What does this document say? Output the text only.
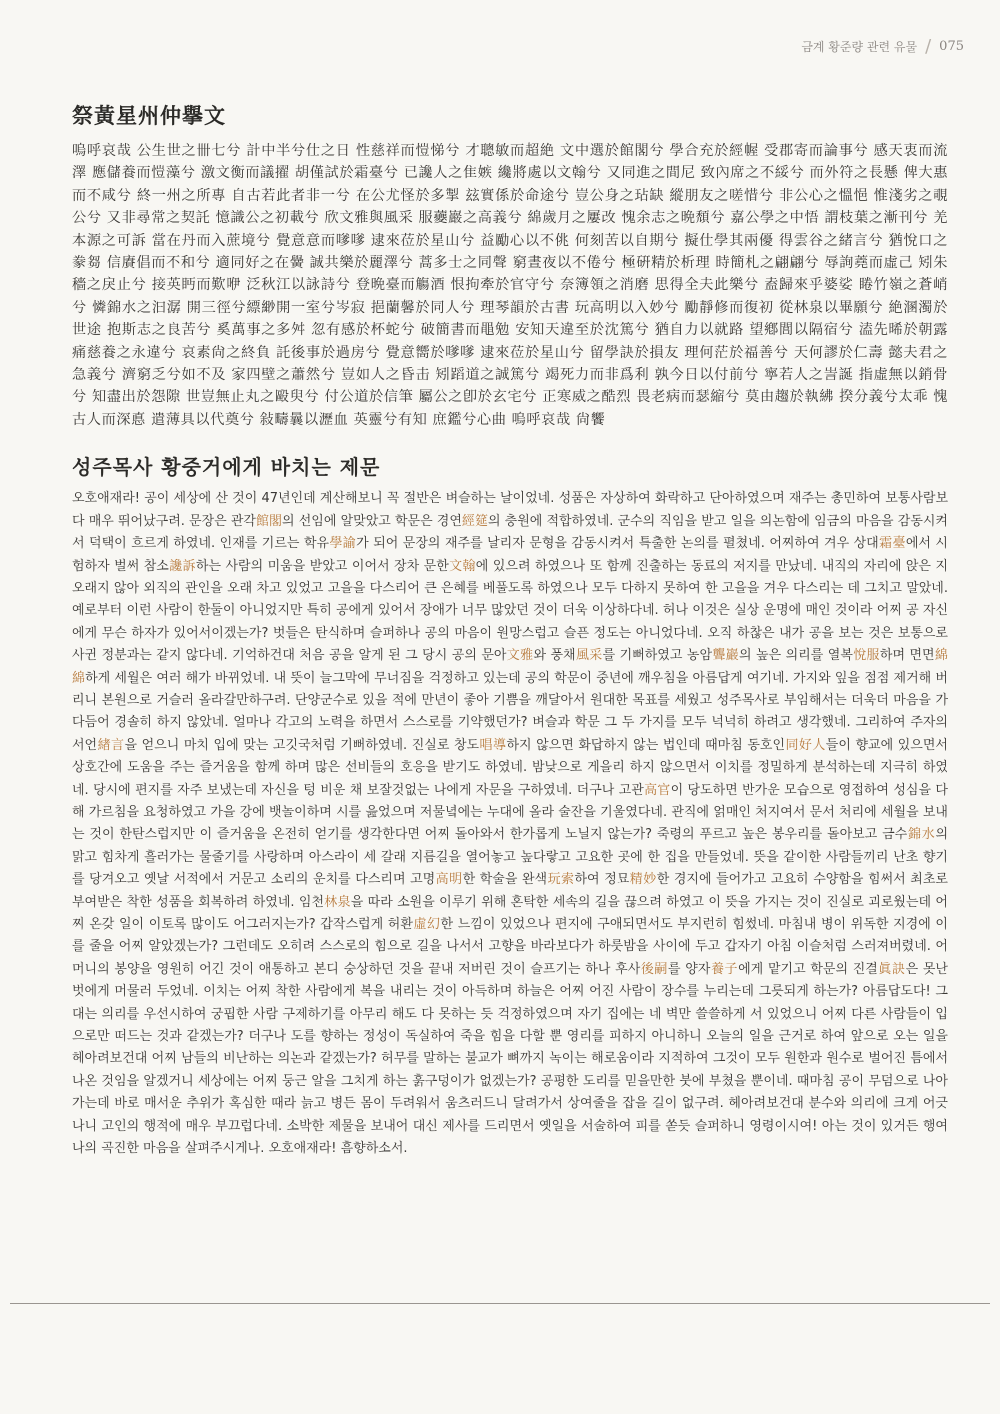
금계 황준량 관련 유물 / 075
祭黃星州仲擧文

嗚呼哀哉 公生世之卌七兮 計中半兮仕之日 性慈祥而愷悌兮 才聰敏而超絶 文中選於館閣兮 學合充於經幄 受郡寄而論事兮 感天衷而流澤 應儲養而愷藻兮 激文衡而議擢 胡僅試於霜臺兮 已讒人之隹嫉 纔將處以文翰兮 又同進之間尼 致內席之不綏兮 而外符之長懸 俾大惠而不咸兮 終一州之所專 自古若此者非一兮 在公尤怪於多掣 玆實係於命途兮 豈公身之玷缺 縱朋友之嗟惜兮 非公心之慍悒 惟淺劣之覗公兮 又非尋常之契託 憶識公之初載兮 欣文雅與風采 服虁巖之高義兮 綿歲月之屢改 愧余志之晩頹兮 嘉公學之中悟 謂枝葉之漸刊兮 羌本源之可訴 當在丹而入蔗境兮 覺意意而嗲嗲 逮來莅於星山兮 益勵心以不佻 何刻苦以自期兮 擬仕學其兩優 得雲谷之緒言兮 猶悅口之豢芻 信賡倡而不和兮 適同好之在黌 誠共樂於麗澤兮 蒿多士之同聲 窮晝夜以不倦兮 極硏精於析理 時簡札之翩翩兮 辱詢蕘而虛己 矧朱穡之戾止兮 接英眄而歎咿 泛秋江以詠詩兮 登晩臺而觴酒 恨拘牽於官守兮 奈簿領之消磨 思得全夫此樂兮 盍歸來乎婆娑 睠竹嶺之蒼峭兮 憐錦水之汩潺 開三徑兮縹緲開一室兮岑寂 挹蘭馨於同人兮 理琴韻於古書 玩高明以入妙兮 勵靜修而復初 從林泉以畢願兮 絶溷濁於世途 抱斯志之良苦兮 奚萬事之多舛 忽有感於杯蛇兮 破簡書而黽勉 安知天違至於沈篤兮 猶自力以就路 望鄕閭以隔宿兮 溘先晞於朝露 痛慈養之永違兮 哀素尙之終負 託後事於過房兮 覺意嚮於嗲嗲 逮來莅於星山兮 留學訣於損友 理何茫於福善兮 天何謬於仁壽 懿夫君之急義兮 濟窮乏兮如不及 家四壁之蕭然兮 豈如人之昏击 矧蹈道之誠篤兮 竭死力而非爲利 孰今日以付前兮 寧若人之訔誕 指虛無以銷骨兮 知盡出於怨隙 世豈無止丸之毆臾兮 付公道於信筆 屬公之卽於玄宅兮 正寒威之酷烈 畏老病而瑟縮兮 莫由趨於執紼 揆分義兮太乖 愧古人而深悳 遣薄具以代奠兮 敍疇曩以瀝血 英靈兮有知 庶鑑兮心曲 嗚呼哀哉 尙饗

성주목사 황중거에게 바치는 제문

오호애재라! 공이 세상에 산 것이 47년인데 계산해보니 꼭 절반은 벼슬하는 날이었네. 성품은 자상하여 화락하고 단아하였으며 재주는 총민하여 보통사람보다 매우 뛰어났구려. 문장은 관각館閣의 선임에 알맞았고 학문은 경연經筵의 충원에 적합하였네. 군수의 직임을 받고 일을 의논함에 임금의 마음을 감동시켜서 덕택이 흐르게 하였네. 인재를 기르는 학유學諭가 되어 문장의 재주를 날리자 문형을 감동시켜서 특출한 논의를 펼쳤네. 어찌하여 겨우 상대霜臺에서 시험하자 벌써 참소讒訴하는 사람의 미움을 받았고 이어서 장차 문한文翰에 있으려 하였으나 또 함께 진출하는 동료의 저지를 만났네. 내직의 자리에 앉은 지 오래지 않아 외직의 관인을 오래 차고 있었고 고을을 다스리어 큰 은혜를 베풀도록 하였으나 모두 다하지 못하여 한 고을을 겨우 다스리는 데 그치고 말았네. 예로부터 이런 사람이 한둘이 아니었지만 특히 공에게 있어서 장애가 너무 많았던 것이 더욱 이상하다네. 허나 이것은 실상 운명에 매인 것이라 어찌 공 자신에게 무슨 하자가 있어서이겠는가? 벗들은 탄식하며 슬퍼하나 공의 마음이 원망스럽고 슬픈 정도는 아니었다네. 오직 하찮은 내가 공을 보는 것은 보통으로 사귄 정분과는 같지 않다네. 기억하건대 처음 공을 알게 된 그 당시 공의 문아文雅와 풍채風采를 기뻐하였고 농암聾巖의 높은 의리를 열복悅服하며 면면綿綿하게 세월은 여러 해가 바뀌었네. 내 뜻이 늘그막에 무너짐을 걱정하고 있는데 공의 학문이 중년에 깨우침을 아름답게 여기네. 가지와 잎을 점점 제거해 버리니 본원으로 거슬러 올라갈만하구려. 단양군수로 있을 적에 만년이 좋아 기쁨을 깨달아서 원대한 목표를 세웠고 성주목사로 부임해서는 더욱더 마음을 가다듬어 경솔히 하지 않았네. 얼마나 각고의 노력을 하면서 스스로를 기약했던가? 벼슬과 학문 그 두 가지를 모두 넉넉히 하려고 생각했네. 그리하여 주자의 서언緖言을 얻으니 마치 입에 맞는 고깃국처럼 기뻐하였네. 진실로 창도唱導하지 않으면 화답하지 않는 법인데 때마침 동호인同好人들이 향교에 있으면서 상호간에 도움을 주는 즐거움을 함께 하며 많은 선비들의 호응을 받기도 하였네. 밤낮으로 게을리 하지 않으면서 이치를 정밀하게 분석하는데 지극히 하였네. 당시에 편지를 자주 보냈는데 자신을 텅 비운 채 보잘것없는 나에게 자문을 구하였네. 더구나 고관高官이 당도하면 반가운 모습으로 영접하여 성심을 다해 가르침을 요청하였고 가을 강에 뱃놀이하며 시를 읊었으며 저물녘에는 누대에 올라 술잔을 기울였다네. 관직에 얽매인 처지여서 문서 처리에 세월을 보내는 것이 한탄스럽지만 이 즐거움을 온전히 얻기를 생각한다면 어찌 돌아와서 한가롭게 노닐지 않는가? 죽령의 푸르고 높은 봉우리를 돌아보고 금수錦水의 맑고 힘차게 흘러가는 물줄기를 사랑하며 아스라이 세 갈래 지름길을 열어놓고 높다랗고 고요한 곳에 한 집을 만들었네. 뜻을 같이한 사람들끼리 난초 향기를 당겨오고 옛날 서적에서 거문고 소리의 운치를 다스리며 고명高明한 학술을 완색玩索하여 정묘精妙한 경지에 들어가고 고요히 수양함을 힘써서 최초로 부여받은 착한 성품을 회복하려 하였네. 임천林泉을 따라 소원을 이루기 위해 혼탁한 세속의 길을 끊으려 하였고 이 뜻을 가지는 것이 진실로 괴로웠는데 어찌 온갖 일이 이토록 많이도 어그러지는가? 갑작스럽게 허환虛幻한 느낌이 있었으나 편지에 구애되면서도 부지런히 힘썼네. 마침내 병이 위독한 지경에 이를 줄을 어찌 알았겠는가? 그런데도 오히려 스스로의 힘으로 길을 나서서 고향을 바라보다가 하룻밤을 사이에 두고 갑자기 아침 이슬처럼 스러져버렸네. 어머니의 봉양을 영원히 어긴 것이 애통하고 본디 숭상하던 것을 끝내 저버린 것이 슬프기는 하나 후사後嗣를 양자養子에게 맡기고 학문의 진결眞訣은 못난 벗에게 머물러 두었네. 이치는 어찌 착한 사람에게 복을 내리는 것이 아득하며 하늘은 어찌 어진 사람이 장수를 누리는데 그릇되게 하는가? 아름답도다! 그대는 의리를 우선시하여 궁핍한 사람 구제하기를 아무리 해도 다 못하는 듯 걱정하였으며 자기 집에는 네 벽만 쓸쓸하게 서 있었으니 어찌 다른 사람들이 입으로만 떠드는 것과 같겠는가? 더구나 도를 향하는 정성이 독실하여 죽을 힘을 다할 뿐 영리를 피하지 아니하니 오늘의 일을 근거로 하여 앞으로 오는 일을 헤아려보건대 어찌 남들의 비난하는 의논과 같겠는가? 허무를 말하는 불교가 뼈까지 녹이는 해로움이라 지적하여 그것이 모두 원한과 원수로 벌어진 틈에서 나온 것임을 알겠거니 세상에는 어찌 둥근 알을 그치게 하는 훍구덩이가 없겠는가? 공평한 도리를 믿을만한 붓에 부쳤을 뿐이네. 때마침 공이 무덤으로 나아가는데 바로 매서운 추위가 혹심한 때라 늙고 병든 몸이 두려워서 움츠러드니 달려가서 상여줄을 잡을 길이 없구려. 헤아려보건대 분수와 의리에 크게 어긋나니 고인의 행적에 매우 부끄럽다네. 소박한 제물을 보내어 대신 제사를 드리면서 옛일을 서술하여 피를 쏟듯 슬퍼하니 영령이시여! 아는 것이 있거든 행여 나의 곡진한 마음을 살펴주시게나. 오호애재라! 흠향하소서.
